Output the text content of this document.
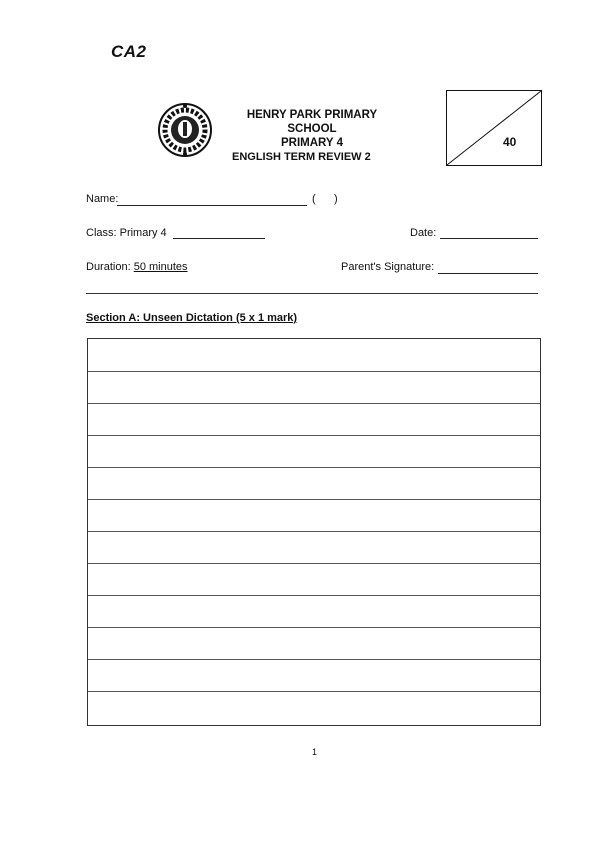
CA2
HENRY PARK PRIMARY SCHOOL
PRIMARY 4
ENGLISH TERM REVIEW 2
40
Name:	(      )
Class: Primary 4	Date:
Duration: 50 minutes	Parent's Signature:
Section A: Unseen Dictation (5 x 1 mark)
1
